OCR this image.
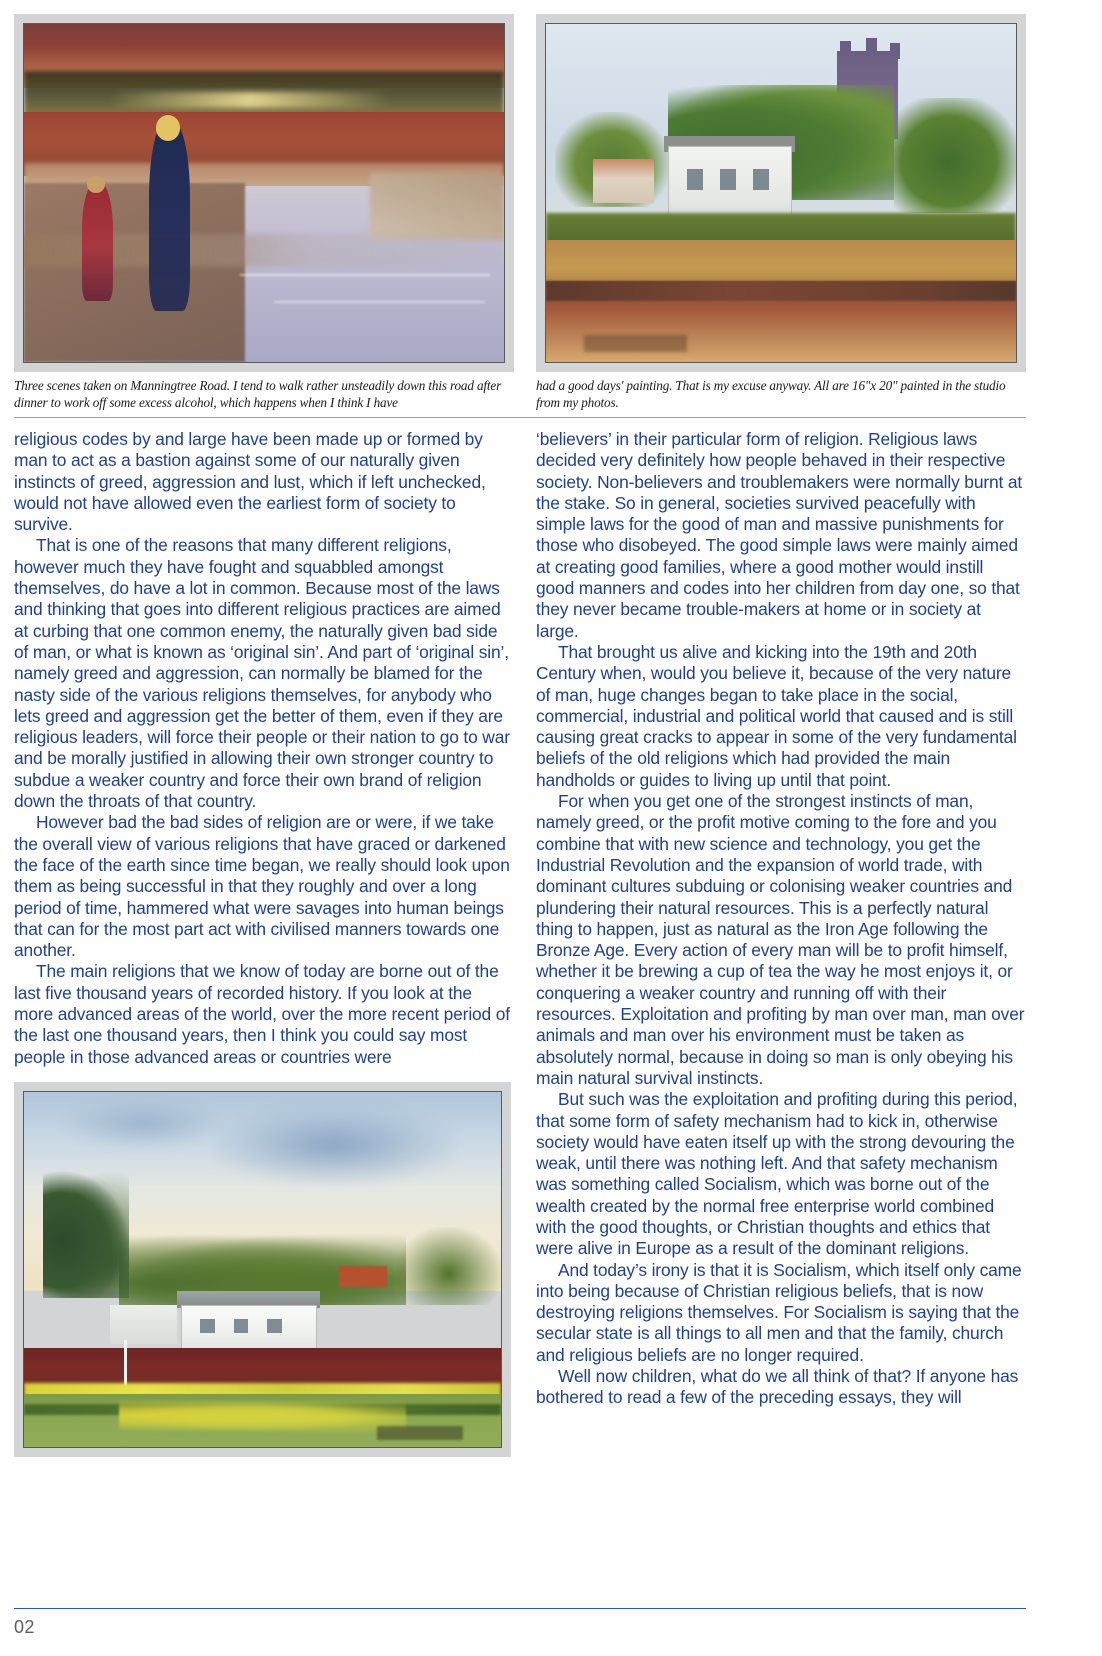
Three scenes taken on Manningtree Road. I tend to walk rather unsteadily down this road after dinner to work off some excess alcohol, which happens when I think I have
had a good days' painting. That is my excuse anyway. All are 16"x 20" painted in the studio from my photos.

religious codes by and large have been made up or formed by man to act as a bastion against some of our naturally given instincts of greed, aggression and lust, which if left unchecked, would not have allowed even the earliest form of society to survive.

That is one of the reasons that many different religions, however much they have fought and squabbled amongst themselves, do have a lot in common. Because most of the laws and thinking that goes into different religious practices are aimed at curbing that one common enemy, the naturally given bad side of man, or what is known as ‘original sin’. And part of ‘original sin’, namely greed and aggression, can normally be blamed for the nasty side of the various religions themselves, for anybody who lets greed and aggression get the better of them, even if they are religious leaders, will force their people or their nation to go to war and be morally justified in allowing their own stronger country to subdue a weaker country and force their own brand of religion down the throats of that country.

However bad the bad sides of religion are or were, if we take the overall view of various religions that have graced or darkened the face of the earth since time began, we really should look upon them as being successful in that they roughly and over a long period of time, hammered what were savages into human beings that can for the most part act with civilised manners towards one another.

The main religions that we know of today are borne out of the last five thousand years of recorded history. If you look at the more advanced areas of the world, over the more recent period of the last one thousand years, then I think you could say most people in those advanced areas or countries were

‘believers’ in their particular form of religion. Religious laws decided very definitely how people behaved in their respective society. Non-believers and troublemakers were normally burnt at the stake. So in general, societies survived peacefully with simple laws for the good of man and massive punishments for those who disobeyed. The good simple laws were mainly aimed at creating good families, where a good mother would instill good manners and codes into her children from day one, so that they never became trouble-makers at home or in society at large.

That brought us alive and kicking into the 19th and 20th Century when, would you believe it, because of the very nature of man, huge changes began to take place in the social, commercial, industrial and political world that caused and is still causing great cracks to appear in some of the very fundamental beliefs of the old religions which had provided the main handholds or guides to living up until that point.

For when you get one of the strongest instincts of man, namely greed, or the profit motive coming to the fore and you combine that with new science and technology, you get the Industrial Revolution and the expansion of world trade, with dominant cultures subduing or colonising weaker countries and plundering their natural resources. This is a perfectly natural thing to happen, just as natural as the Iron Age following the Bronze Age. Every action of every man will be to profit himself, whether it be brewing a cup of tea the way he most enjoys it, or conquering a weaker country and running off with their resources. Exploitation and profiting by man over man, man over animals and man over his environment must be taken as absolutely normal, because in doing so man is only obeying his main natural survival instincts.

But such was the exploitation and profiting during this period, that some form of safety mechanism had to kick in, otherwise society would have eaten itself up with the strong devouring the weak, until there was nothing left. And that safety mechanism was something called Socialism, which was borne out of the wealth created by the normal free enterprise world combined with the good thoughts, or Christian thoughts and ethics that were alive in Europe as a result of the dominant religions.

And today’s irony is that it is Socialism, which itself only came into being because of Christian religious beliefs, that is now destroying religions themselves. For Socialism is saying that the secular state is all things to all men and that the family, church and religious beliefs are no longer required.

Well now children, what do we all think of that? If anyone has bothered to read a few of the preceding essays, they will

02
